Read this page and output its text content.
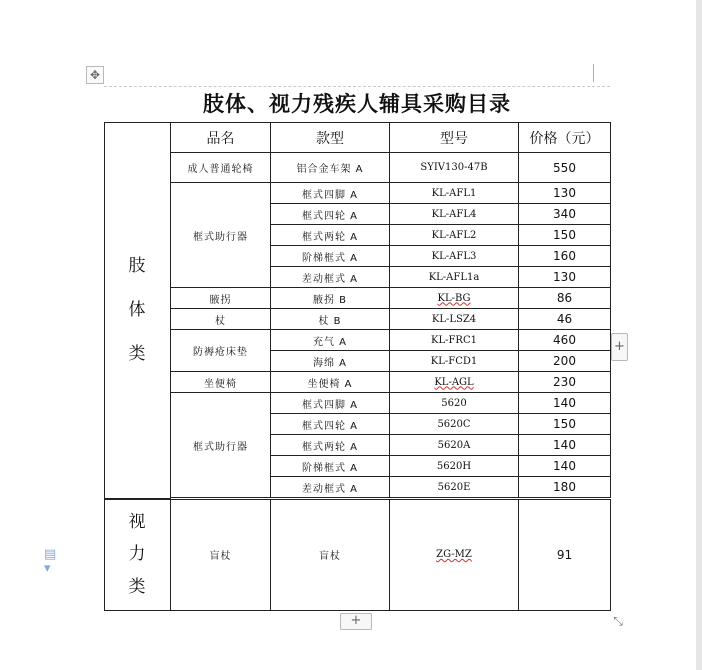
✥
▤ ▾
肢体、视力残疾人辅具采购目录
肢
体
类	品名	款型	型号	价格（元）
	成人普通轮椅	铝合金车架 A	SYIV130-47B	550
	框式助行器	框式四脚 A	KL-AFL1	130
		框式四轮 A	KL-AFL4	340
		框式两轮 A	KL-AFL2	150
		阶梯框式 A	KL-AFL3	160
		差动框式 A	KL-AFL1a	130
	腋拐	腋拐 B	KL-BG	86
	杖	杖 B	KL-LSZ4	46
	防褥疮床垫	充气 A	KL-FRC1	460
		海绵 A	KL-FCD1	200
	坐便椅	坐便椅 A	KL-AGL	230
	框式助行器	框式四脚 A	5620	140
		框式四轮 A	5620C	150
		框式两轮 A	5620A	140
		阶梯框式 A	5620H	140
		差动框式 A	5620E	180

视
力
类	盲杖	盲杖	ZG-MZ	91
+
+	⤡
